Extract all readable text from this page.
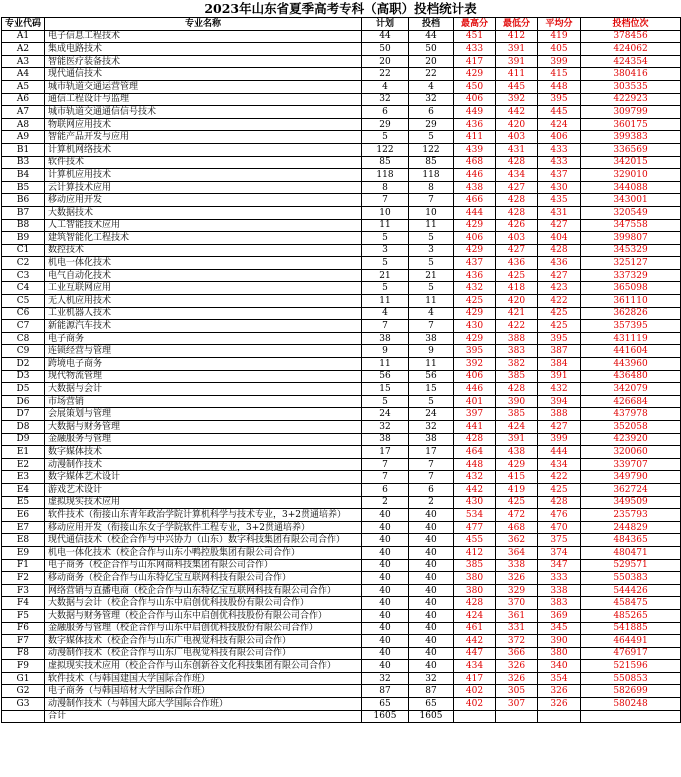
2023年山东省夏季高考专科（高职）投档统计表
专业代码	专业名称	计划	投档	最高分	最低分	平均分	投档位次
A1	电子信息工程技术	44	44	451	412	419	378456
A2	集成电路技术	50	50	433	391	405	424062
A3	智能医疗装备技术	20	20	417	391	399	424354
A4	现代通信技术	22	22	429	411	415	380416
A5	城市轨道交通运营管理	4	4	450	445	448	303535
A6	通信工程设计与监理	32	32	406	392	395	422923
A7	城市轨道交通通信信号技术	6	6	449	442	445	309799
A8	物联网应用技术	29	29	436	420	424	360175
A9	智能产品开发与应用	5	5	411	403	406	399383
B1	计算机网络技术	122	122	439	431	433	336569
B3	软件技术	85	85	468	428	433	342015
B4	计算机应用技术	118	118	446	434	437	329010
B5	云计算技术应用	8	8	438	427	430	344088
B6	移动应用开发	7	7	466	428	435	343001
B7	大数据技术	10	10	444	428	431	320549
B8	人工智能技术应用	11	11	429	426	427	347558
B9	建筑智能化工程技术	5	5	406	403	404	399807
C1	数控技术	3	3	429	427	428	345329
C2	机电一体化技术	5	5	437	436	436	325127
C3	电气自动化技术	21	21	436	425	427	337329
C4	工业互联网应用	5	5	432	418	423	365098
C5	无人机应用技术	11	11	425	420	422	361110
C6	工业机器人技术	4	4	429	421	425	362826
C7	新能源汽车技术	7	7	430	422	425	357395
C8	电子商务	38	38	429	388	395	431119
C9	连锁经营与管理	9	9	395	383	387	441604
D2	跨境电子商务	11	11	392	382	384	443960
D3	现代物流管理	56	56	406	385	391	436480
D5	大数据与会计	15	15	446	428	432	342079
D6	市场营销	5	5	401	390	394	426684
D7	会展策划与管理	24	24	397	385	388	437978
D8	大数据与财务管理	32	32	441	424	427	352058
D9	金融服务与管理	38	38	428	391	399	423920
E1	数字媒体技术	17	17	464	438	444	320060
E2	动漫制作技术	7	7	448	429	434	339707
E3	数字媒体艺术设计	7	7	432	415	422	349790
E4	游戏艺术设计	6	6	442	419	425	362724
E5	虚拟现实技术应用	2	2	430	425	428	349509
E6	软件技术（衔接山东青年政治学院计算机科学与技术专业，3+2贯通培养）	40	40	534	472	476	235793
E7	移动应用开发（衔接山东女子学院软件工程专业，3+2贯通培养）	40	40	477	468	470	244829
E8	现代通信技术（校企合作与中兴协力（山东）数字科技集团有限公司合作）	40	40	455	362	375	484365
E9	机电一体化技术（校企合作与山东小鸭控股集团有限公司合作）	40	40	412	364	374	480471
F1	电子商务（校企合作与山东网商科技集团有限公司合作）	40	40	385	338	347	529571
F2	移动商务（校企合作与山东特亿宝互联网科技有限公司合作）	40	40	380	326	333	550383
F3	网络营销与直播电商（校企合作与山东特亿宝互联网科技有限公司合作）	40	40	380	329	338	544426
F4	大数据与会计（校企合作与山东中启创优科技股份有限公司合作）	40	40	428	370	383	458475
F5	大数据与财务管理（校企合作与山东中启创优科技股份有限公司合作）	40	40	424	361	369	485265
F6	金融服务与管理（校企合作与山东中启创优科技股份有限公司合作）	40	40	461	331	345	541885
F7	数字媒体技术（校企合作与山东广电视觉科技有限公司合作）	40	40	442	372	390	464491
F8	动漫制作技术（校企合作与山东广电视觉科技有限公司合作）	40	40	447	366	380	476917
F9	虚拟现实技术应用（校企合作与山东创新谷文化科技集团有限公司合作）	40	40	434	326	340	521596
G1	软件技术（与韩国建国大学国际合作班）	32	32	417	326	354	550853
G2	电子商务（与韩国培材大学国际合作班）	87	87	402	305	326	582699
G3	动漫制作技术（与韩国大邱大学国际合作班）	65	65	402	307	326	580248
	合计	1605	1605				
